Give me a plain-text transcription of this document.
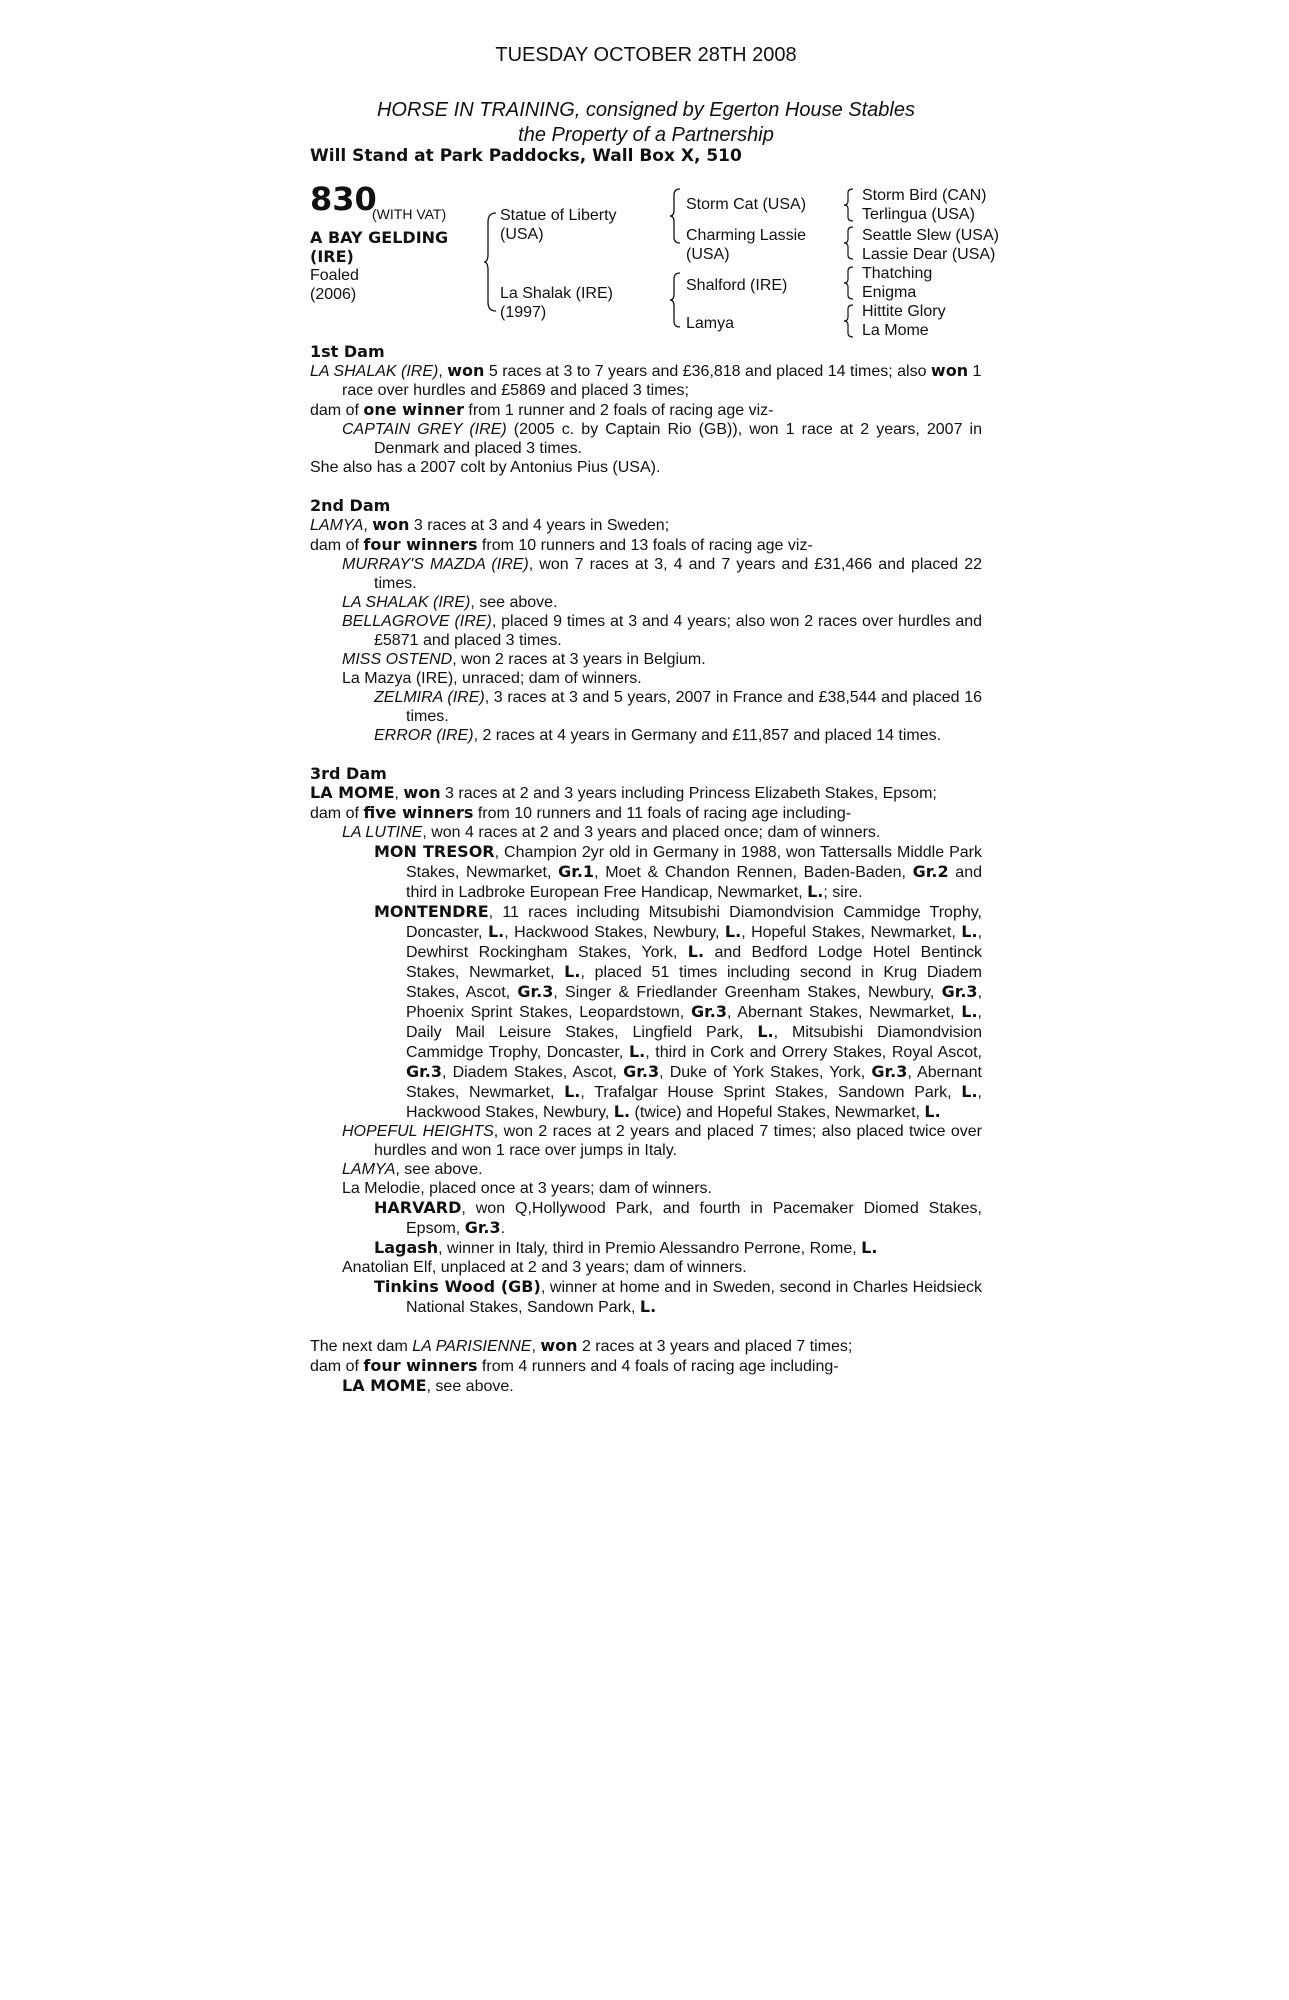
TUESDAY OCTOBER 28TH 2008
HORSE IN TRAINING, consigned by Egerton House Stables
the Property of a Partnership
Will Stand at Park Paddocks, Wall Box X, 510
830
(WITH VAT)
A BAY GELDING
(IRE)
Foaled
(2006)
Statue of Liberty
(USA)
La Shalak (IRE)
(1997)
Storm Cat (USA)
Charming Lassie
(USA)
Shalford (IRE)
Lamya
Storm Bird (CAN)
Terlingua (USA)
Seattle Slew (USA)
Lassie Dear (USA)
Thatching
Enigma
Hittite Glory
La Mome

1st Dam

LA SHALAK (IRE), won 5 races at 3 to 7 years and £36,818 and placed 14 times; also won 1 race over hurdles and £5869 and placed 3 times;

dam of one winner from 1 runner and 2 foals of racing age viz-

CAPTAIN GREY (IRE) (2005 c. by Captain Rio (GB)), won 1 race at 2 years, 2007 in Denmark and placed 3 times.

She also has a 2007 colt by Antonius Pius (USA).

2nd Dam

LAMYA, won 3 races at 3 and 4 years in Sweden;

dam of four winners from 10 runners and 13 foals of racing age viz-

MURRAY'S MAZDA (IRE), won 7 races at 3, 4 and 7 years and £31,466 and placed 22 times.

LA SHALAK (IRE), see above.

BELLAGROVE (IRE), placed 9 times at 3 and 4 years; also won 2 races over hurdles and £5871 and placed 3 times.

MISS OSTEND, won 2 races at 3 years in Belgium.

La Mazya (IRE), unraced; dam of winners.

ZELMIRA (IRE), 3 races at 3 and 5 years, 2007 in France and £38,544 and placed 16 times.

ERROR (IRE), 2 races at 4 years in Germany and £11,857 and placed 14 times.

3rd Dam

LA MOME, won 3 races at 2 and 3 years including Princess Elizabeth Stakes, Epsom;

dam of five winners from 10 runners and 11 foals of racing age including-

LA LUTINE, won 4 races at 2 and 3 years and placed once; dam of winners.

MON TRESOR, Champion 2yr old in Germany in 1988, won Tattersalls Middle Park Stakes, Newmarket, Gr.1, Moet & Chandon Rennen, Baden-Baden, Gr.2 and third in Ladbroke European Free Handicap, Newmarket, L.; sire.

MONTENDRE, 11 races including Mitsubishi Diamondvision Cammidge Trophy, Doncaster, L., Hackwood Stakes, Newbury, L., Hopeful Stakes, Newmarket, L., Dewhirst Rockingham Stakes, York, L. and Bedford Lodge Hotel Bentinck Stakes, Newmarket, L., placed 51 times including second in Krug Diadem Stakes, Ascot, Gr.3, Singer & Friedlander Greenham Stakes, Newbury, Gr.3, Phoenix Sprint Stakes, Leopardstown, Gr.3, Abernant Stakes, Newmarket, L., Daily Mail Leisure Stakes, Lingfield Park, L., Mitsubishi Diamondvision Cammidge Trophy, Doncaster, L., third in Cork and Orrery Stakes, Royal Ascot, Gr.3, Diadem Stakes, Ascot, Gr.3, Duke of York Stakes, York, Gr.3, Abernant Stakes, Newmarket, L., Trafalgar House Sprint Stakes, Sandown Park, L., Hackwood Stakes, Newbury, L. (twice) and Hopeful Stakes, Newmarket, L.

HOPEFUL HEIGHTS, won 2 races at 2 years and placed 7 times; also placed twice over hurdles and won 1 race over jumps in Italy.

LAMYA, see above.

La Melodie, placed once at 3 years; dam of winners.

HARVARD, won Q,Hollywood Park, and fourth in Pacemaker Diomed Stakes, Epsom, Gr.3.

Lagash, winner in Italy, third in Premio Alessandro Perrone, Rome, L.

Anatolian Elf, unplaced at 2 and 3 years; dam of winners.

Tinkins Wood (GB), winner at home and in Sweden, second in Charles Heidsieck National Stakes, Sandown Park, L.

The next dam LA PARISIENNE, won 2 races at 3 years and placed 7 times;

dam of four winners from 4 runners and 4 foals of racing age including-

LA MOME, see above.
